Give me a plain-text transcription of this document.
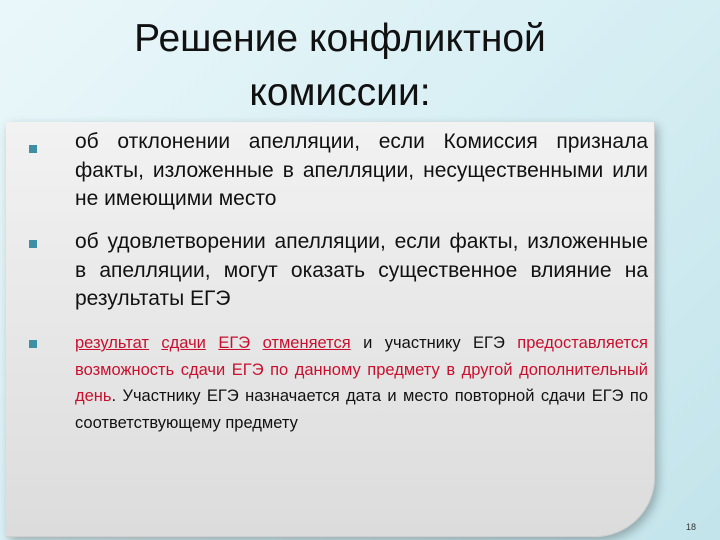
Решение конфликтной комиссии:
об отклонении апелляции, если Комиссия признала факты, изложенные в апелляции, несущественными или не имеющими место
об удовлетворении апелляции, если факты, изложенные в апелляции, могут оказать существенное влияние на результаты ЕГЭ
результат сдачи ЕГЭ отменяется и участнику ЕГЭ предоставляется возможность сдачи ЕГЭ по данному предмету в другой дополнительный день. Участнику ЕГЭ назначается дата и место повторной сдачи ЕГЭ по соответствующему предмету
18
